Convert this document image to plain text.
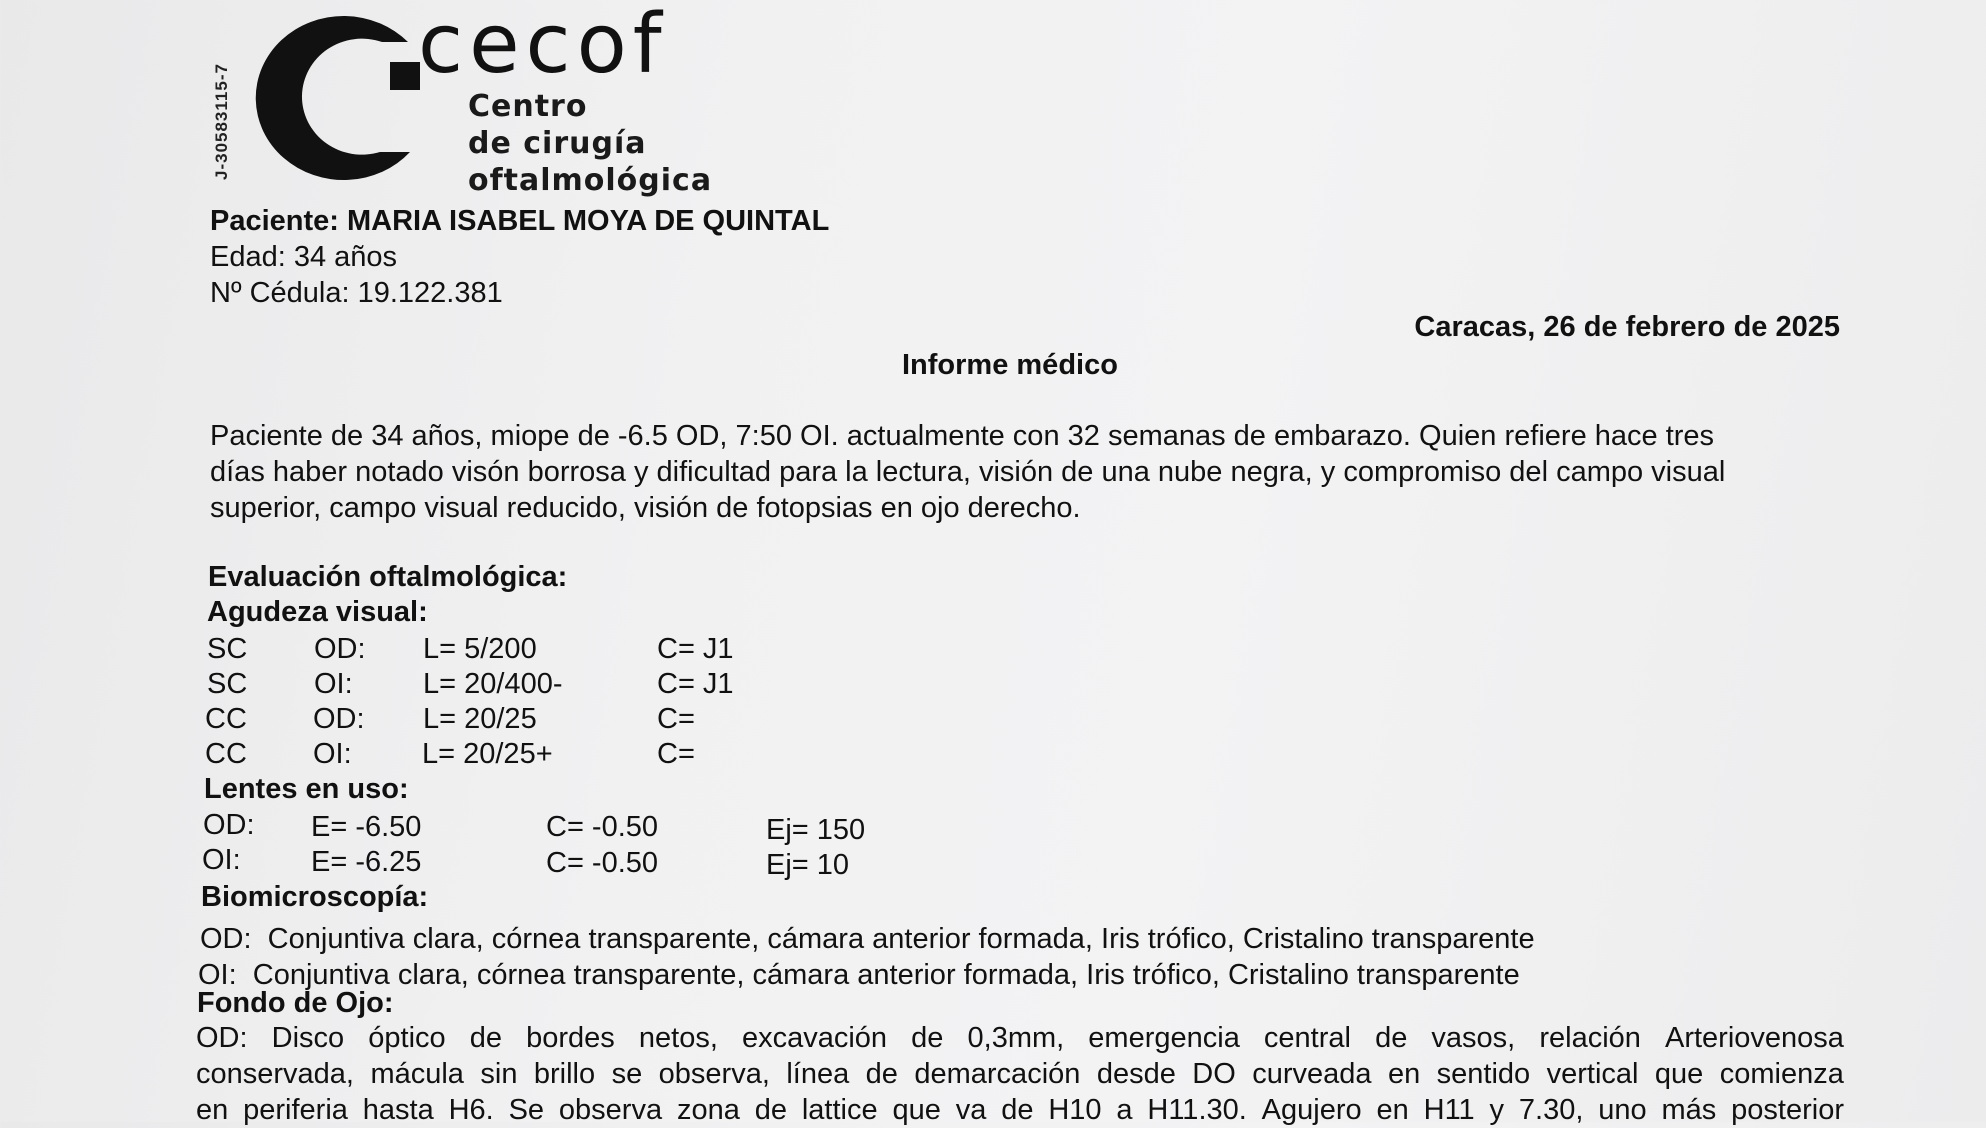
J-30583115-7
cecof
Centro
de cirugía
oftalmológica
Paciente: MARIA ISABEL MOYA DE QUINTAL
Edad: 34 años
Nº Cédula: 19.122.381
Caracas, 26 de febrero de 2025
Informe médico
Paciente de 34 años, miope de -6.5 OD, 7:50 OI. actualmente con 32 semanas de embarazo. Quien refiere hace tres
días haber notado visón borrosa y dificultad para la lectura, visión de una nube negra, y compromiso del campo visual
superior, campo visual reducido, visión de fotopsias en ojo derecho.
Evaluación oftalmológica:
Agudeza visual:
SC OD: L= 5/200	C= J1
SC OI: L= 20/400-	C= J1
CC OD: L= 20/25	C=
CC OI: L= 20/25+	C=
Lentes en uso:
OD: E= -6.50	C= -0.50	Ej= 150
OI: E= -6.25	C= -0.50	Ej= 10
Biomicroscopía:
OD:  Conjuntiva clara, córnea transparente, cámara anterior formada, Iris trófico, Cristalino transparente
OI:  Conjuntiva clara, córnea transparente, cámara anterior formada, Iris trófico, Cristalino transparente
Fondo de Ojo:
OD: Disco óptico de bordes netos, excavación de 0,3mm, emergencia central de vasos, relación Arteriovenosa
conservada, mácula sin brillo se observa, línea de demarcación desde DO curveada en sentido vertical que comienza
en periferia hasta H6. Se observa zona de lattice que va de H10 a H11.30. Agujero en H11 y 7.30, uno más posterior
